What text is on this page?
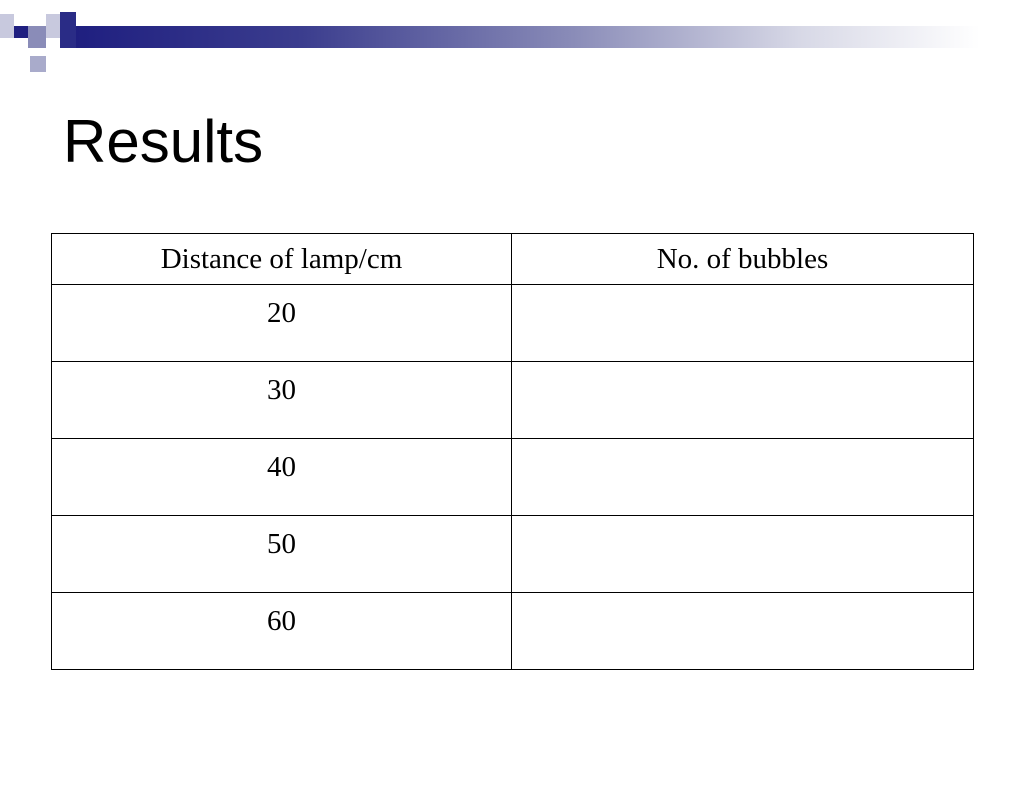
Results
Distance of lamp/cm	No. of bubbles
20	
30	
40	
50	
60	
